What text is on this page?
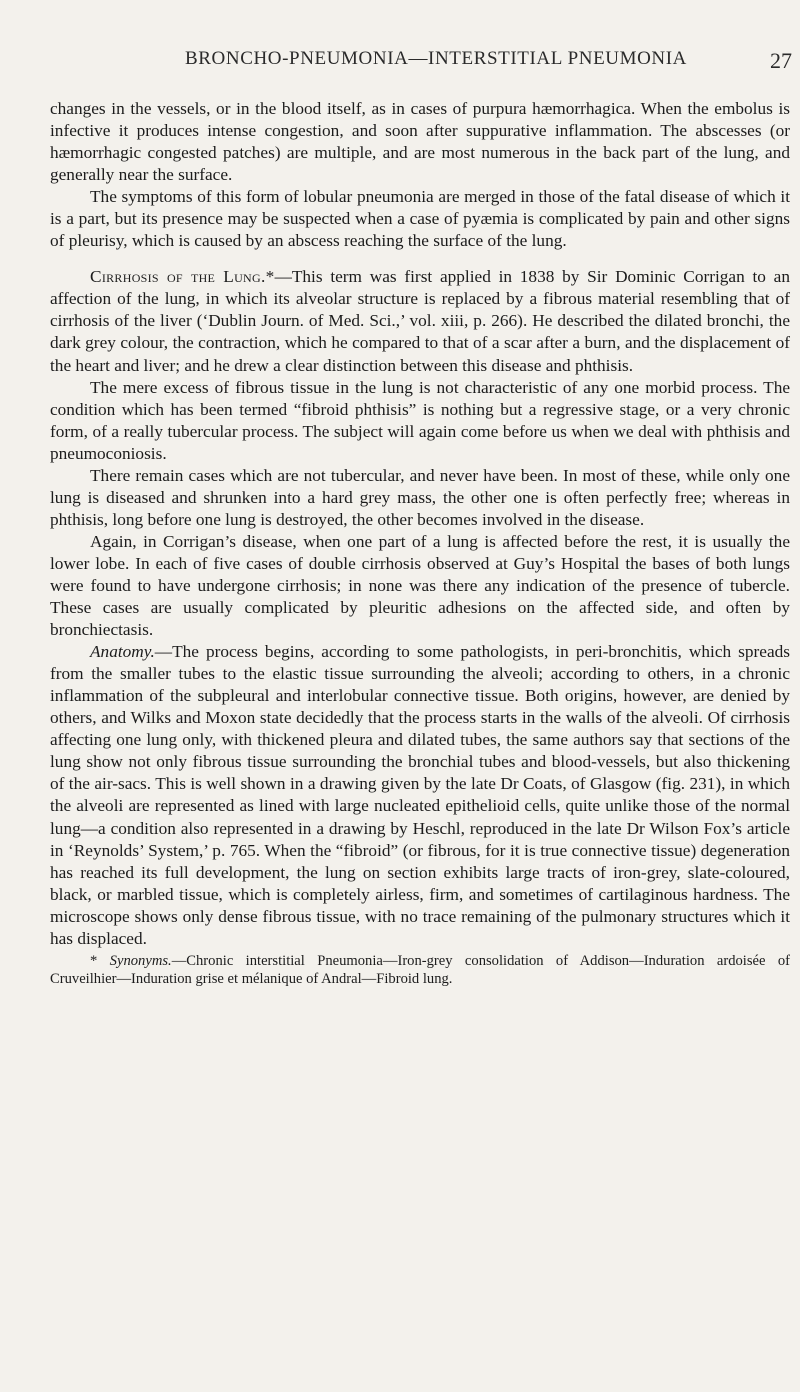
BRONCHO-PNEUMONIA—INTERSTITIAL PNEUMONIA	27

changes in the vessels, or in the blood itself, as in cases of purpura hæmorrhagica. When the embolus is infective it produces intense congestion, and soon after suppurative inflammation. The abscesses (or hæmorrhagic congested patches) are multiple, and are most numerous in the back part of the lung, and generally near the surface.

The symptoms of this form of lobular pneumonia are merged in those of the fatal disease of which it is a part, but its presence may be suspected when a case of pyæmia is complicated by pain and other signs of pleurisy, which is caused by an abscess reaching the surface of the lung.

Cirrhosis of the Lung.*—This term was first applied in 1838 by Sir Dominic Corrigan to an affection of the lung, in which its alveolar structure is replaced by a fibrous material resembling that of cirrhosis of the liver (‘Dublin Journ. of Med. Sci.,’ vol. xiii, p. 266). He described the dilated bronchi, the dark grey colour, the contraction, which he compared to that of a scar after a burn, and the displacement of the heart and liver; and he drew a clear distinction between this disease and phthisis.

The mere excess of fibrous tissue in the lung is not characteristic of any one morbid process. The condition which has been termed “fibroid phthisis” is nothing but a regressive stage, or a very chronic form, of a really tubercular process. The subject will again come before us when we deal with phthisis and pneumoconiosis.

There remain cases which are not tubercular, and never have been. In most of these, while only one lung is diseased and shrunken into a hard grey mass, the other one is often perfectly free; whereas in phthisis, long before one lung is destroyed, the other becomes involved in the disease.

Again, in Corrigan’s disease, when one part of a lung is affected before the rest, it is usually the lower lobe. In each of five cases of double cirrhosis observed at Guy’s Hospital the bases of both lungs were found to have undergone cirrhosis; in none was there any indication of the presence of tubercle. These cases are usually complicated by pleuritic adhesions on the affected side, and often by bronchiectasis.

Anatomy.—The process begins, according to some pathologists, in peri-bronchitis, which spreads from the smaller tubes to the elastic tissue surrounding the alveoli; according to others, in a chronic inflammation of the subpleural and interlobular connective tissue. Both origins, however, are denied by others, and Wilks and Moxon state decidedly that the process starts in the walls of the alveoli. Of cirrhosis affecting one lung only, with thickened pleura and dilated tubes, the same authors say that sections of the lung show not only fibrous tissue surrounding the bronchial tubes and blood-vessels, but also thickening of the air-sacs. This is well shown in a drawing given by the late Dr Coats, of Glasgow (fig. 231), in which the alveoli are represented as lined with large nucleated epithelioid cells, quite unlike those of the normal lung—a condition also represented in a drawing by Heschl, reproduced in the late Dr Wilson Fox’s article in ‘Reynolds’ System,’ p. 765. When the “fibroid” (or fibrous, for it is true connective tissue) degeneration has reached its full development, the lung on section exhibits large tracts of iron-grey, slate-coloured, black, or marbled tissue, which is completely airless, firm, and sometimes of cartilaginous hardness. The microscope shows only dense fibrous tissue, with no trace remaining of the pulmonary structures which it has displaced.

* Synonyms.—Chronic interstitial Pneumonia—Iron-grey consolidation of Addison—Induration ardoisée of Cruveilhier—Induration grise et mélanique of Andral—Fibroid lung.
